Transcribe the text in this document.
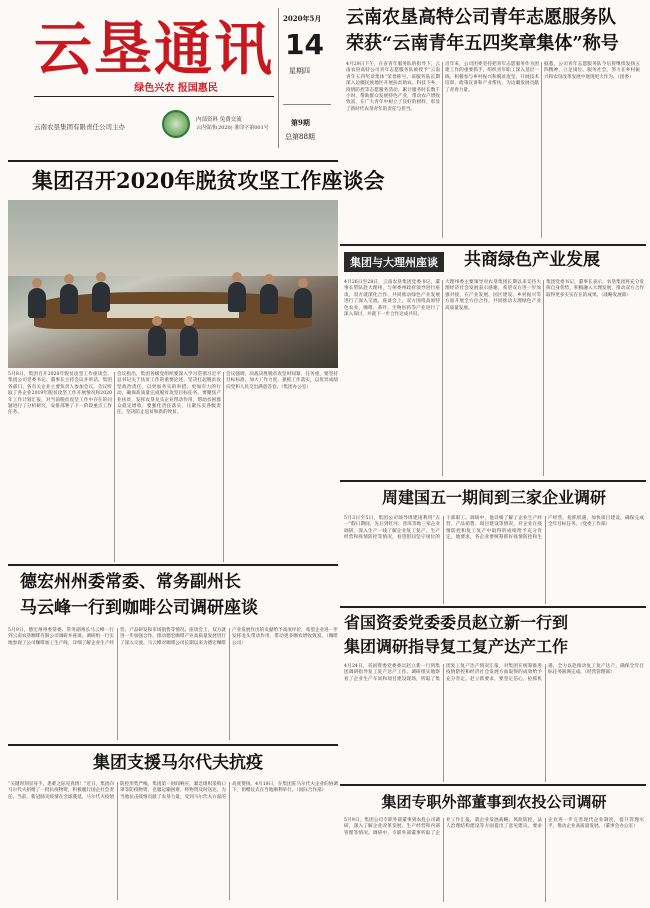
云垦通讯
绿色兴农 报国惠民
云南农垦集团有限责任公司主办
内部资料 免费交流
云内资准(2020) 准印字第001号
2020年5月
14
星期四
第9期
总第88期
云南农垦高特公司青年志愿服务队
荣获“云南青年五四奖章集体”称号
4月29日下午，在省青年服务队的指导下，云南农垦高特公司青年志愿服务队被授予“云南青年五四奖章集体”荣誉称号。该服务队长期深入边疆民族地区开展扶贫助农、科技下乡、疫情防控等志愿服务活动，累计服务时长数千小时，帮助群众发展特色产业，带动农户增收致富，在广大青年中树立了良好的榜样，彰显了新时代农垦青年的责任与担当。
近年来，公司团委坚持把青年志愿服务作为团建工作的重要抓手，组织青年职工深入基层一线，积极参与乡村振兴和脱贫攻坚，开展技术培训、政策宣讲和产业帮扶，为边疆发展贡献了青春力量。
据悉，公司青年志愿服务队今后将继续发扬五四精神，立足岗位、服务社会，努力在乡村振兴和农垦改革发展中展现更大作为。（团委）
集团召开2020年脱贫攻坚工作座谈会
5月8日，集团召开2020年脱贫攻坚工作座谈会，集团公司党委书记、董事长主持会议并讲话。集团各部门、各有关企业主要负责人参加会议。会议听取了各企业2019年脱贫攻坚工作开展情况和2020年工作计划汇报，对当前脱贫攻坚工作中存在的问题进行了分析研究，安排部署了下一阶段重点工作任务。
会议指出，集团各级党组织要深入学习贯彻习近平总书记关于扶贫工作的重要论述，坚决扛起脱贫攻坚政治责任，以更加务实的举措、更加有力的行动，确保高质量完成脱贫攻坚目标任务。要聚焦产业扶贫，发挥农垦龙头企业带动作用，帮助贫困群众稳定增收；要强化责任落实，压紧压实各级责任，坚决防止返贫和新的致贫。
会议强调，决战决胜脱贫攻坚时间紧、任务重，要坚持目标标准，加大工作力度，狠抓工作落实，以优异成绩向党和人民交出满意答卷。（集团办公室）
集团与大理州座谈	共商绿色产业发展
4月26日至28日，云南农垦集团党委书记、董事长带队赴大理州，与州委州政府领导进行座谈，双方就深化合作、共同推动绿色产业发展进行了深入交流。座谈会上，双方围绕高原特色农业、咖啡、茶叶、生物医药等产业进行了深入探讨，并就下一步合作达成共识。
大理州委主要领导对农垦集团长期以来支持大理经济社会发展表示感谢，希望双方进一步加强对接，在产业发展、园区建设、乡村振兴等方面开展全方位合作，共同推动大理绿色产业高质量发展。
集团党委书记、董事长表示，农垦集团将充分发挥自身优势，积极融入大理发展，推动双方合作取得更多实实在在的成果。（战略发展部）
周建国五一期间到三家企业调研
5月3日至5日，集团公司领导周建国利用“五一”假日期间，先后到红河、普洱等地三家企业调研，深入生产一线了解企业复工复产、生产经营和疫情防控等情况，看望慰问坚守岗位的干部职工。调研中，他详细了解了企业生产经营、产品销售、项目建设等情况，对企业在疫情防控和复工复产中取得的成绩给予充分肯定。他要求，各企业要统筹抓好疫情防控和生产经营，抢抓机遇，加快项目建设，确保完成全年目标任务。（党委工作部）
德宏州州委常委、常务副州长
马云峰一行到咖啡公司调研座谈
5月9日，德宏州州委常委、常务副州长马云峰一行到云南农垦咖啡有限公司调研并座谈。调研组一行实地参观了公司咖啡加工生产线，详细了解企业生产经营、产品研发和市场销售等情况。座谈会上，双方就进一步加强合作、推动德宏咖啡产业高质量发展进行了深入交流。马云峰对咖啡公司长期以来为德宏咖啡产业发展作出的贡献给予高度评价，希望企业进一步发挥龙头带动作用，带动更多咖农增收致富。（咖啡公司）
省国资委党委委员赵立新一行到
集团调研指导复工复产达产工作
4月24日，省国资委党委委员赵立新一行到集团调研指导复工复产达产工作。调研组实地察看了企业生产车间和项目建设现场，听取了集团复工复产达产情况汇报，对集团在统筹推进疫情防控和经济社会发展方面取得的成效给予充分肯定。赵立新要求，要坚定信心，抢抓机遇，全力以赴推动复工复产达产，确保全年目标任务圆满完成。（经营管理部）
集团支援马尔代夫抗疫
“关键时刻显身手，患难之际见真情！”近日，集团向马尔代夫捐赠了一批抗疫物资，积极履行国企社会责任。当前，新冠肺炎疫情在全球蔓延，马尔代夫疫情防控形势严峻。集团第一时间响应，紧急组织采购口罩等防疫物资，克服运输困难，将物资及时送达，为当地抗击疫情贡献了农垦力量，受到马尔代夫方面的高度赞扬。4月19日，在集团驻马尔代夫企业的协调下，捐赠仪式在当地顺利举行。（国际合作部）
集团专职外部董事到农投公司调研
5月9日，集团公司专职外部董事到农投公司调研，深入了解企业改革发展、生产经营和内部管理等情况。调研中，专职外部董事听取了企业工作汇报，就企业发展战略、风险防控、法人治理结构建设等方面提出了意见建议，要求企业进一步完善现代企业制度，提升管理水平，推动企业高质量发展。（董事会办公室）
